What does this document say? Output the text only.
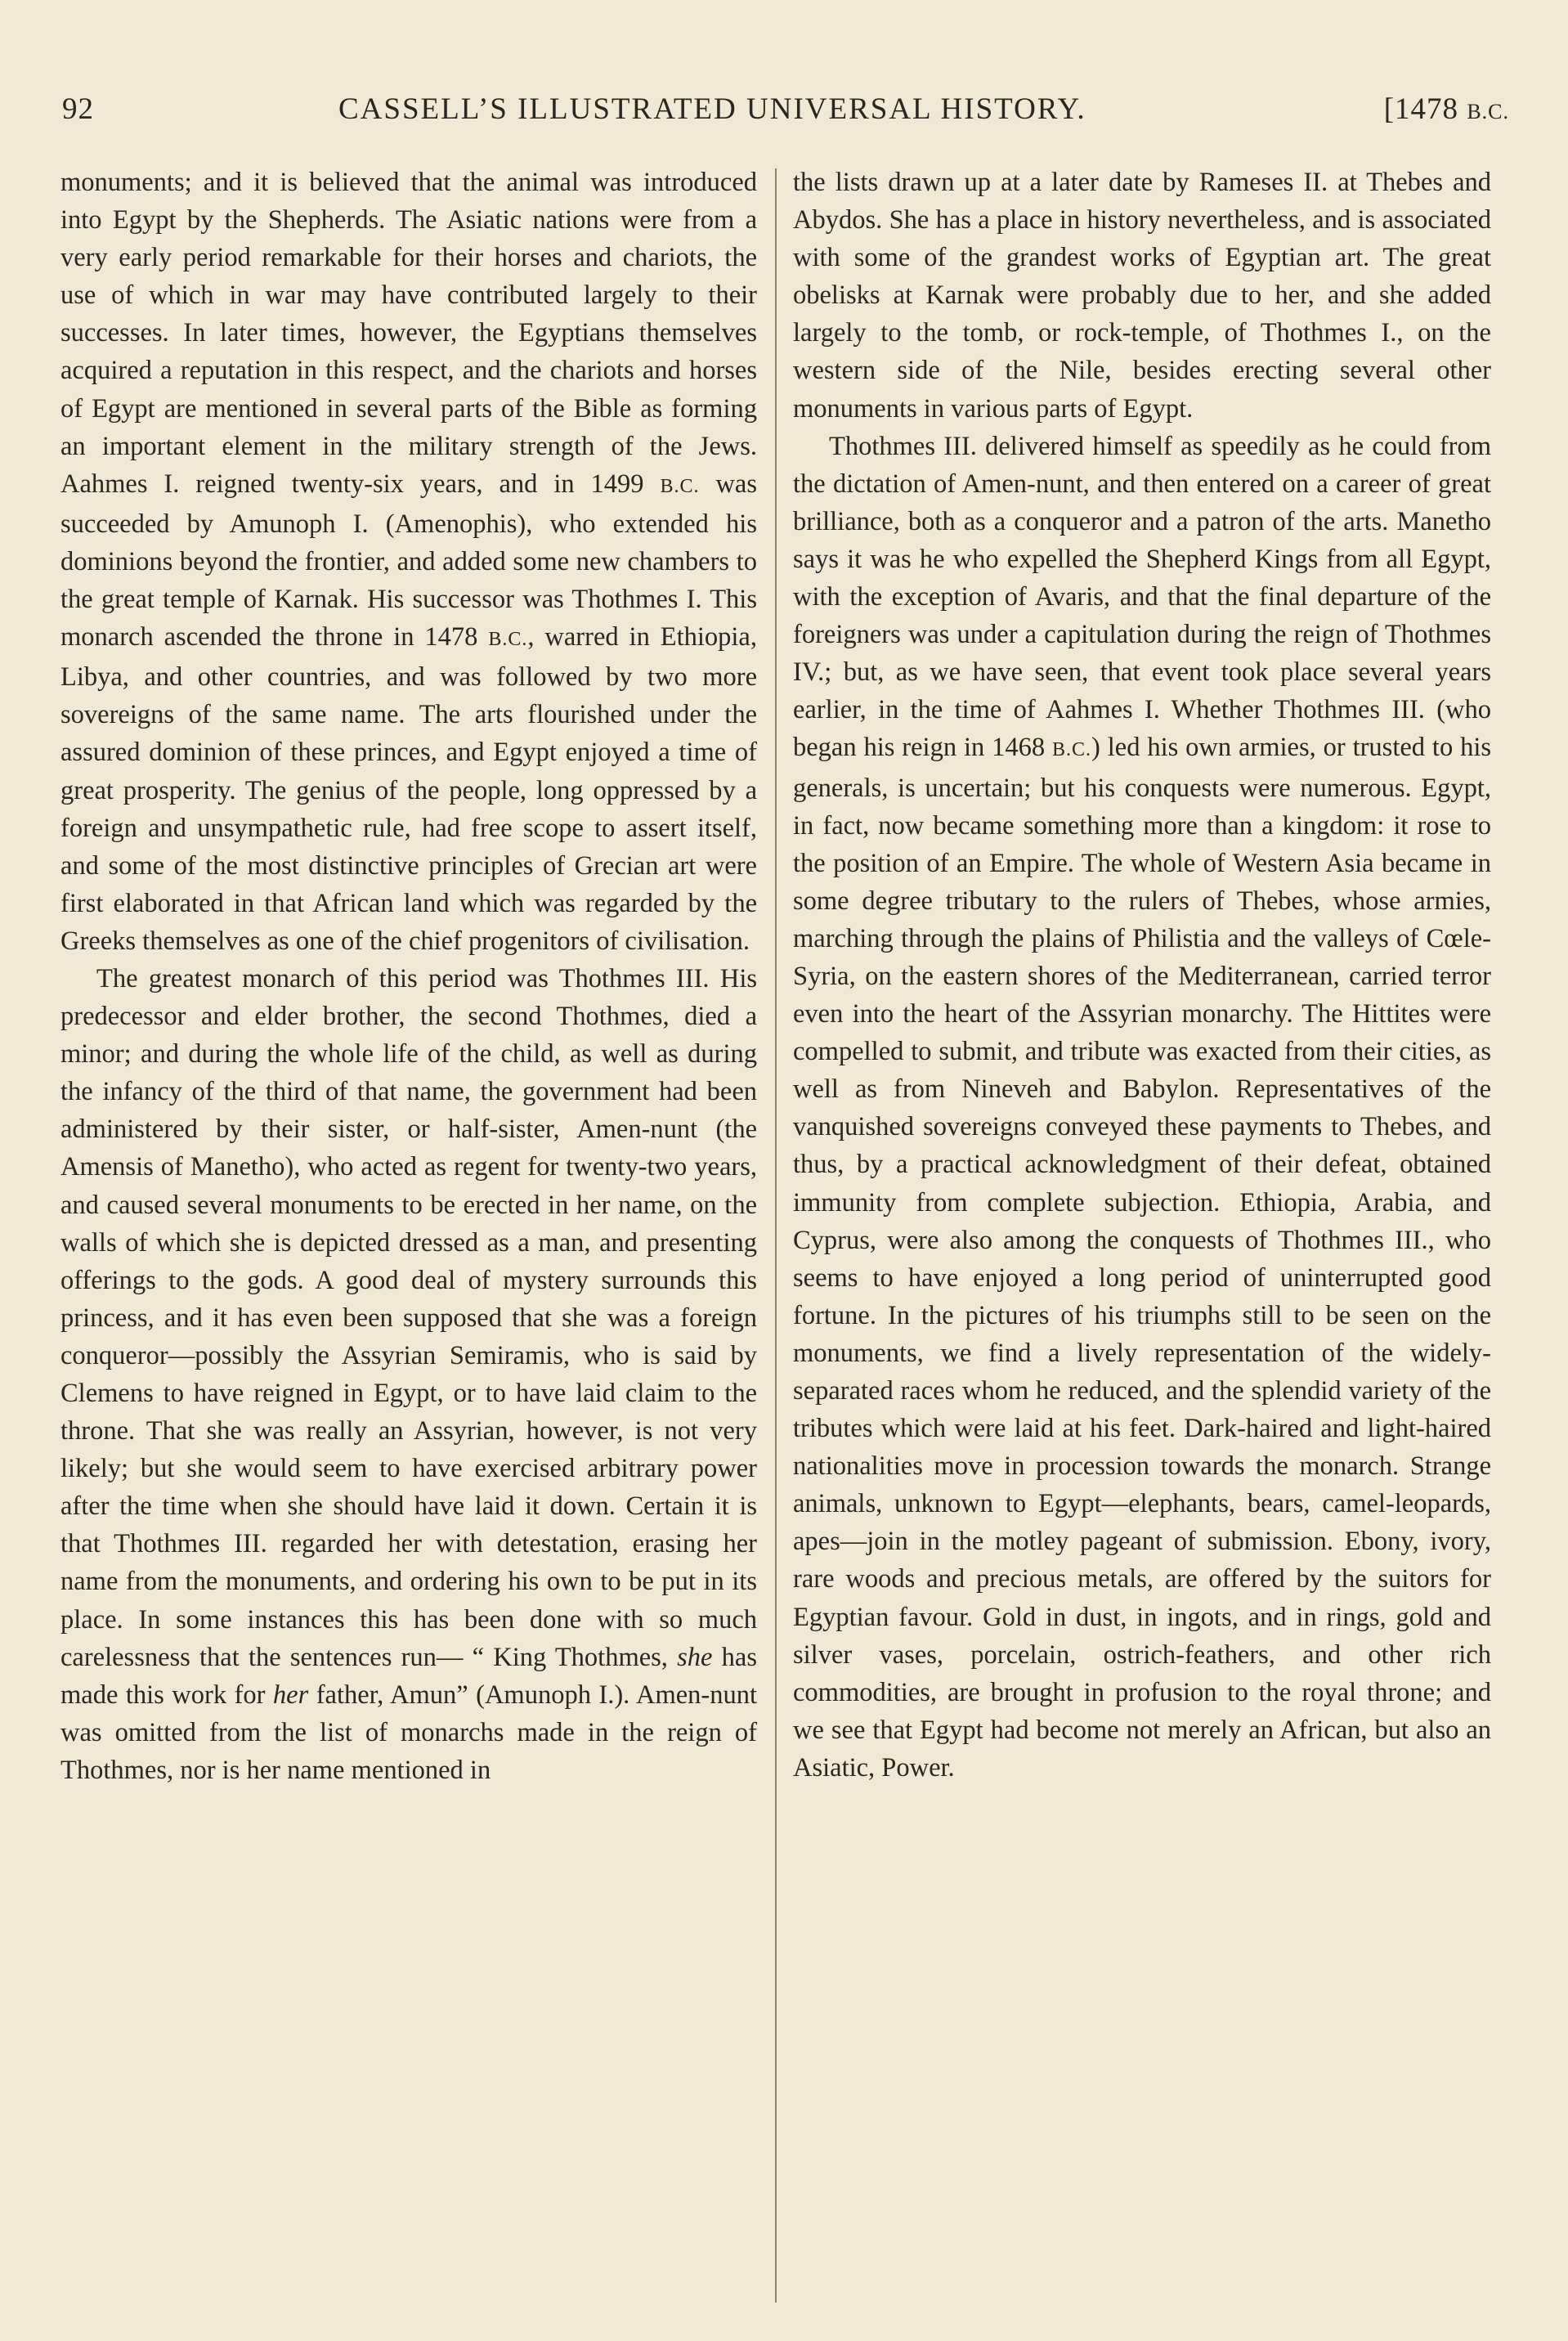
92	CASSELL’S ILLUSTRATED UNIVERSAL HISTORY.	[1478 B.C.

monuments; and it is believed that the animal was introduced into Egypt by the Shepherds. The Asiatic nations were from a very early period remarkable for their horses and chariots, the use of which in war may have contributed largely to their successes. In later times, however, the Egyptians themselves acquired a reputation in this respect, and the chariots and horses of Egypt are mentioned in several parts of the Bible as forming an important element in the military strength of the Jews. Aahmes I. reigned twenty-six years, and in 1499 B.C. was succeeded by Amunoph I. (Amenophis), who extended his dominions beyond the frontier, and added some new chambers to the great temple of Karnak. His successor was Thothmes I. This monarch ascended the throne in 1478 B.C., warred in Ethiopia, Libya, and other countries, and was followed by two more sovereigns of the same name. The arts flourished under the assured dominion of these princes, and Egypt enjoyed a time of great prosperity. The genius of the people, long oppressed by a foreign and unsympathetic rule, had free scope to assert itself, and some of the most distinctive principles of Grecian art were first elaborated in that African land which was regarded by the Greeks themselves as one of the chief progenitors of civilisation.

The greatest monarch of this period was Thothmes III. His predecessor and elder brother, the second Thothmes, died a minor; and during the whole life of the child, as well as during the infancy of the third of that name, the government had been administered by their sister, or half-sister, Amen-nunt (the Amensis of Manetho), who acted as regent for twenty-two years, and caused several monuments to be erected in her name, on the walls of which she is depicted dressed as a man, and presenting offerings to the gods. A good deal of mystery surrounds this princess, and it has even been supposed that she was a foreign conqueror—possibly the Assyrian Semiramis, who is said by Clemens to have reigned in Egypt, or to have laid claim to the throne. That she was really an Assyrian, however, is not very likely; but she would seem to have exercised arbitrary power after the time when she should have laid it down. Certain it is that Thothmes III. regarded her with detestation, erasing her name from the monuments, and ordering his own to be put in its place. In some instances this has been done with so much carelessness that the sentences run— “ King Thothmes, she has made this work for her father, Amun” (Amunoph I.). Amen-nunt was omitted from the list of monarchs made in the reign of Thothmes, nor is her name mentioned in

the lists drawn up at a later date by Rameses II. at Thebes and Abydos. She has a place in history nevertheless, and is associated with some of the grandest works of Egyptian art. The great obelisks at Karnak were probably due to her, and she added largely to the tomb, or rock-temple, of Thothmes I., on the western side of the Nile, besides erecting several other monuments in various parts of Egypt.

Thothmes III. delivered himself as speedily as he could from the dictation of Amen-nunt, and then entered on a career of great brilliance, both as a conqueror and a patron of the arts. Manetho says it was he who expelled the Shepherd Kings from all Egypt, with the exception of Avaris, and that the final departure of the foreigners was under a capitulation during the reign of Thothmes IV.; but, as we have seen, that event took place several years earlier, in the time of Aahmes I. Whether Thothmes III. (who began his reign in 1468 B.C.) led his own armies, or trusted to his generals, is uncertain; but his conquests were numerous. Egypt, in fact, now became something more than a kingdom: it rose to the position of an Empire. The whole of Western Asia became in some degree tributary to the rulers of Thebes, whose armies, marching through the plains of Philistia and the valleys of Cœle-Syria, on the eastern shores of the Mediterranean, carried terror even into the heart of the Assyrian monarchy. The Hittites were compelled to submit, and tribute was exacted from their cities, as well as from Nineveh and Babylon. Representatives of the vanquished sovereigns conveyed these payments to Thebes, and thus, by a practical acknowledgment of their defeat, obtained immunity from complete subjection. Ethiopia, Arabia, and Cyprus, were also among the conquests of Thothmes III., who seems to have enjoyed a long period of uninterrupted good fortune. In the pictures of his triumphs still to be seen on the monuments, we find a lively representation of the widely-separated races whom he reduced, and the splendid variety of the tributes which were laid at his feet. Dark-haired and light-haired nationalities move in procession towards the monarch. Strange animals, unknown to Egypt—elephants, bears, camel-leopards, apes—join in the motley pageant of submission. Ebony, ivory, rare woods and precious metals, are offered by the suitors for Egyptian favour. Gold in dust, in ingots, and in rings, gold and silver vases, porcelain, ostrich-feathers, and other rich commodities, are brought in profusion to the royal throne; and we see that Egypt had become not merely an African, but also an Asiatic, Power.
